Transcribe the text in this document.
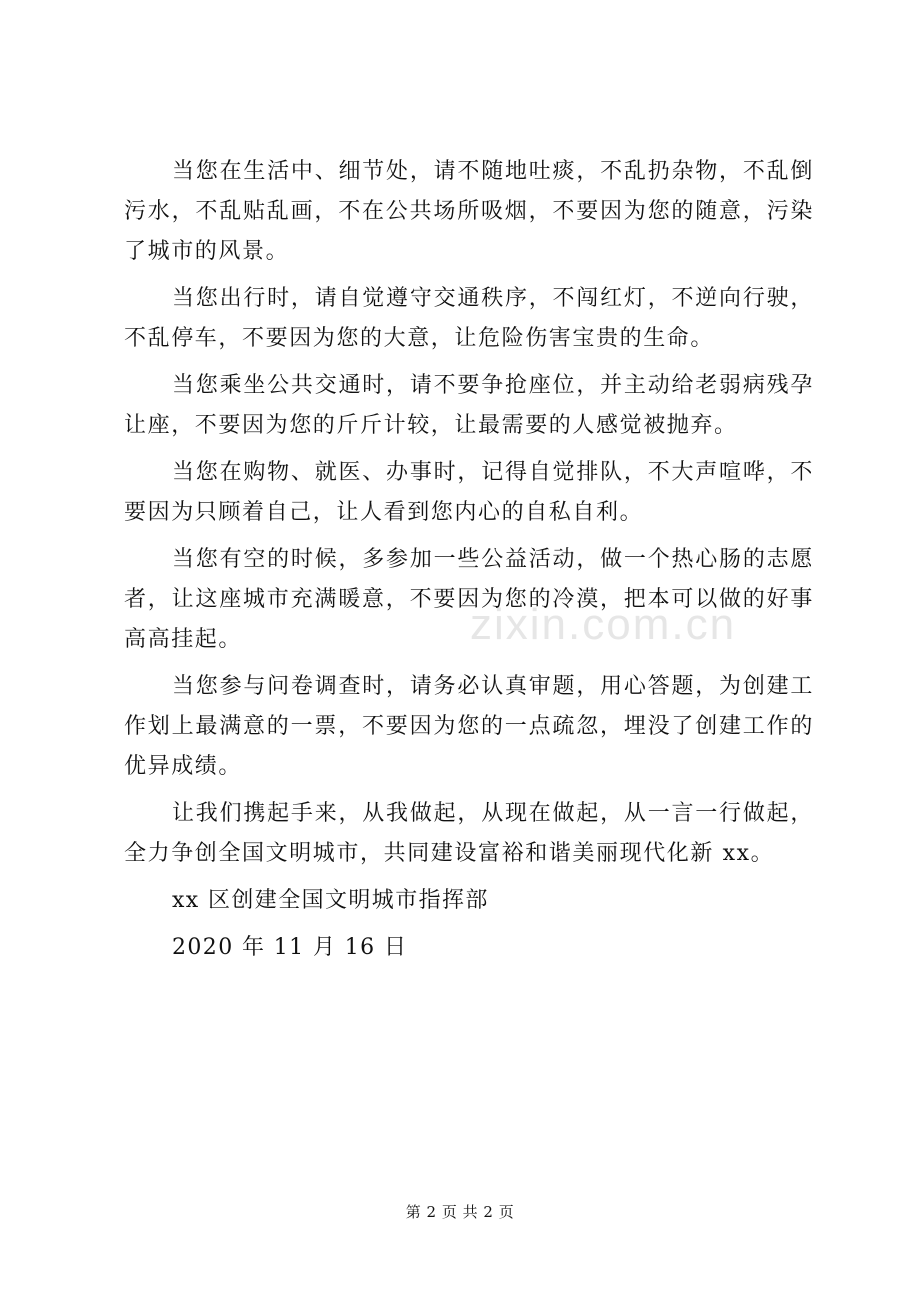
zixin.com.cn

当您在生活中、细节处，请不随地吐痰，不乱扔杂物，不乱倒污水，不乱贴乱画，不在公共场所吸烟，不要因为您的随意，污染了城市的风景。

当您出行时，请自觉遵守交通秩序，不闯红灯，不逆向行驶，不乱停车，不要因为您的大意，让危险伤害宝贵的生命。

当您乘坐公共交通时，请不要争抢座位，并主动给老弱病残孕让座，不要因为您的斤斤计较，让最需要的人感觉被抛弃。

当您在购物、就医、办事时，记得自觉排队，不大声喧哗，不要因为只顾着自己，让人看到您内心的自私自利。

当您有空的时候，多参加一些公益活动，做一个热心肠的志愿者，让这座城市充满暖意，不要因为您的冷漠，把本可以做的好事高高挂起。

当您参与问卷调查时，请务必认真审题，用心答题，为创建工作划上最满意的一票，不要因为您的一点疏忽，埋没了创建工作的优异成绩。

让我们携起手来，从我做起，从现在做起，从一言一行做起，全力争创全国文明城市，共同建设富裕和谐美丽现代化新 xx。

xx 区创建全国文明城市指挥部

2020 年 11 月 16 日

第 2 页 共 2 页
